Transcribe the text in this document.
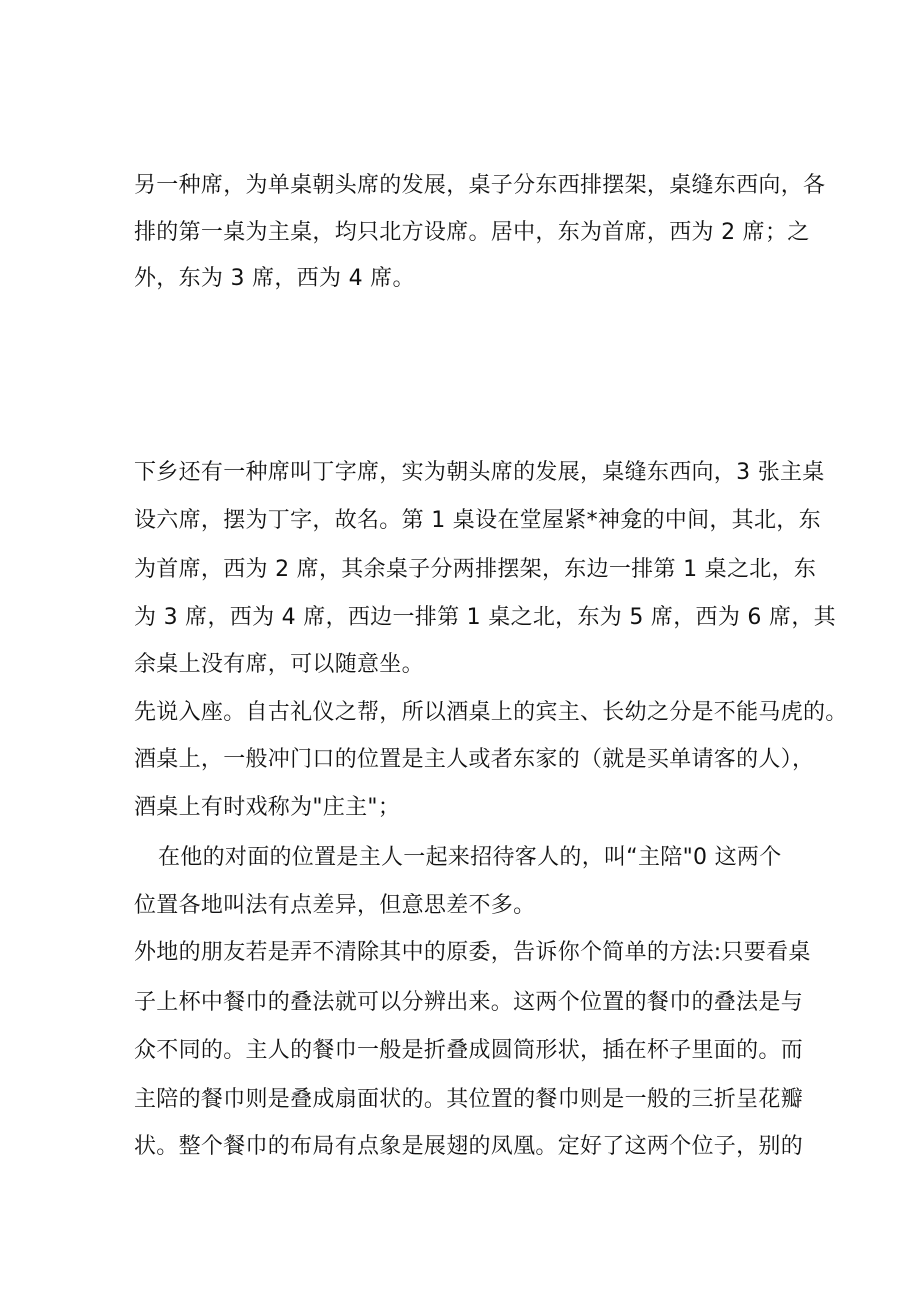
另一种席，为单桌朝头席的发展，桌子分东西排摆架，桌缝东西向，各
排的第一桌为主桌，均只北方设席。居中，东为首席，西为 2 席；之
外，东为 3 席，西为 4 席。
下乡还有一种席叫丁字席，实为朝头席的发展，桌缝东西向，3 张主桌
设六席，摆为丁字，故名。第 1 桌设在堂屋紧*神龛的中间，其北，东
为首席，西为 2 席，其余桌子分两排摆架，东边一排第 1 桌之北，东
为 3 席，西为 4 席，西边一排第 1 桌之北，东为 5 席，西为 6 席，其
余桌上没有席，可以随意坐。
先说入座。自古礼仪之帮，所以酒桌上的宾主、长幼之分是不能马虎的。
酒桌上，一般冲门口的位置是主人或者东家的（就是买单请客的人），
酒桌上有时戏称为"庄主"；
在他的对面的位置是主人一起来招待客人的，叫“主陪"0 这两个
位置各地叫法有点差异，但意思差不多。
外地的朋友若是弄不清除其中的原委，告诉你个简单的方法:只要看桌
子上杯中餐巾的叠法就可以分辨出来。这两个位置的餐巾的叠法是与
众不同的。主人的餐巾一般是折叠成圆筒形状，插在杯子里面的。而
主陪的餐巾则是叠成扇面状的。其位置的餐巾则是一般的三折呈花瓣
状。整个餐巾的布局有点象是展翅的凤凰。定好了这两个位子，别的
